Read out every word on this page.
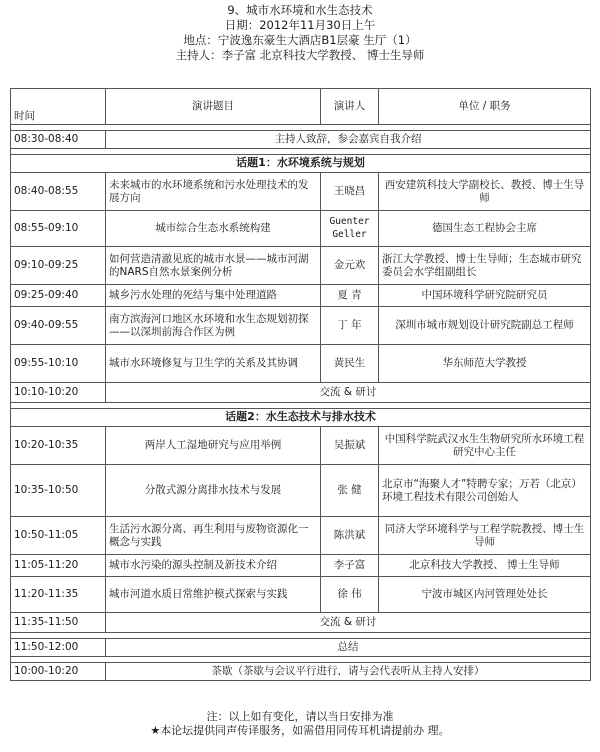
9、城市水环境和水生态技术
日期：2012年11月30日上午
地点：宁波逸东豪生大酒店B1层豪 生厅（1）
主持人：李子富 北京科技大学教授、 博士生导师
时间	演讲题目	演讲人	单位 / 职务

08:30-08:40	主持人致辞，参会嘉宾自我介绍		

话题1：水环境系统与规划			
08:40-08:55	未来城市的水环境系统和污水处理技术的发展方向	王晓昌	西安建筑科技大学副校长、教授、博士生导师
08:55-09:10	城市综合生态水系统构建	Guenter Geller	德国生态工程协会主席
09:10-09:25	如何营造清澈见底的城市水景——城市河湖的NARS自然水景案例分析	金元欢	浙江大学教授、博士生导师；生态城市研究委员会水学组副组长
09:25-09:40	城乡污水处理的死结与集中处理道路	夏 青	中国环境科学研究院研究员
09:40-09:55	南方滨海河口地区水环境和水生态规划初探——以深圳前海合作区为例	丁 年	深圳市城市规划设计研究院副总工程师
09:55-10:10	城市水环境修复与卫生学的关系及其协调	黄民生	华东师范大学教授
10:10-10:20	交流 & 研讨		

话题2：水生态技术与排水技术			
10:20-10:35	两岸人工湿地研究与应用举例	吴振斌	中国科学院武汉水生生物研究所水环境工程研究中心主任
10:35-10:50	分散式源分离排水技术与发展	张 健	北京市“海聚人才”特聘专家；万若（北京）环境工程技术有限公司创始人
10:50-11:05	生活污水源分离、再生利用与废物资源化一概念与实践	陈洪斌	同济大学环境科学与工程学院教授、博士生导师
11:05-11:20	城市水污染的源头控制及新技术介绍	李子富	北京科技大学教授、 博士生导师
11:20-11:35	城市河道水质日常维护模式探索与实践	徐 伟	宁波市城区内河管理处处长
11:35-11:50	交流 & 研讨		

11:50-12:00	总结		

10:00-10:20	茶歇（茶歇与会议平行进行，请与会代表听从主持人安排）		
注：以上如有变化，请以当日安排为准
★本论坛提供同声传译服务，如需借用同传耳机请提前办 理。
